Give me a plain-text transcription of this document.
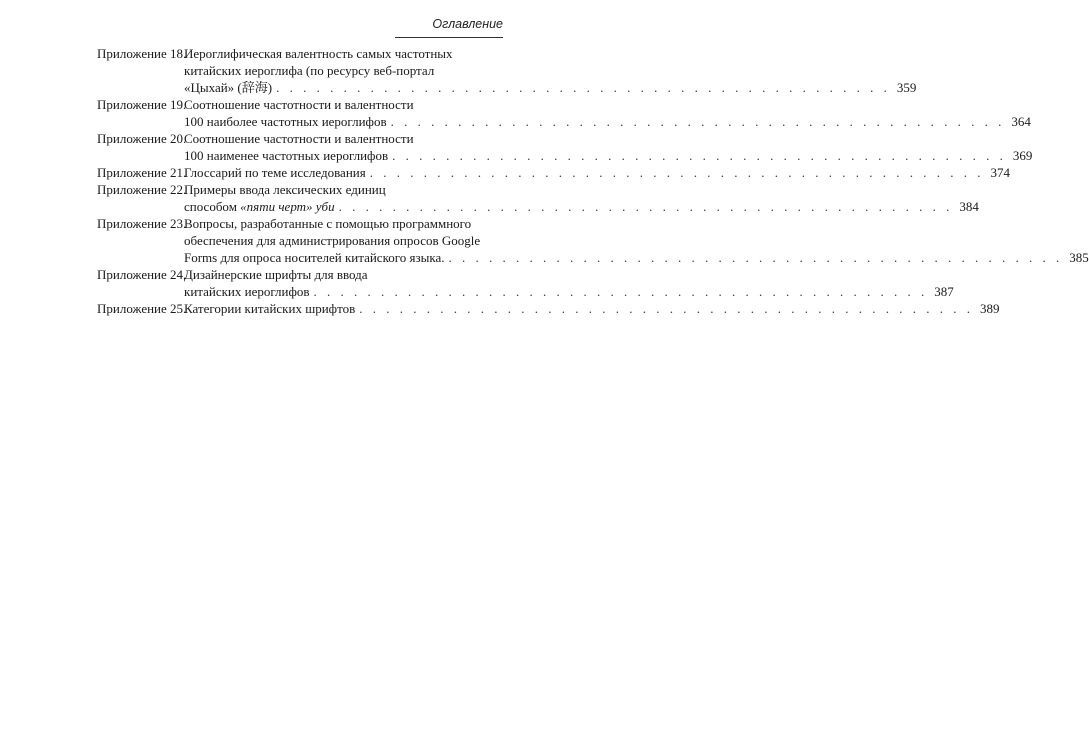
Оглавление
Приложение 18.
Иероглифическая валентность самых частотных
китайских иероглифа (по ресурсу веб-портал
«Цыхай» (辞海) . . . . . . . . . . . . . . . . . . . . . . . . . . . . . . . . . . . . . . . . . . . . . . 359
Приложение 19.
Соотношение частотности и валентности
100 наиболее частотных иероглифов . . . . . . . . . . . . . . . . . . . . . . . . . . . . . . . . . . . . . . . . . . . . . . 364
Приложение 20.
Соотношение частотности и валентности
100 наименее частотных иероглифов . . . . . . . . . . . . . . . . . . . . . . . . . . . . . . . . . . . . . . . . . . . . . . 369
Приложение 21.
Глоссарий по теме исследования . . . . . . . . . . . . . . . . . . . . . . . . . . . . . . . . . . . . . . . . . . . . . . 374
Приложение 22.
Примеры ввода лексических единиц
способом «пяти черт» уби . . . . . . . . . . . . . . . . . . . . . . . . . . . . . . . . . . . . . . . . . . . . . . 384
Приложение 23.
Вопросы, разработанные с помощью программного
обеспечения для администрирования опросов Google
Forms для опроса носителей китайского языка. . . . . . . . . . . . . . . . . . . . . . . . . . . . . . . . . . . . . . . . . . . . . . . 385
Приложение 24.
Дизайнерские шрифты для ввода
китайских иероглифов . . . . . . . . . . . . . . . . . . . . . . . . . . . . . . . . . . . . . . . . . . . . . . 387
Приложение 25.
Категории китайских шрифтов . . . . . . . . . . . . . . . . . . . . . . . . . . . . . . . . . . . . . . . . . . . . . . 389
